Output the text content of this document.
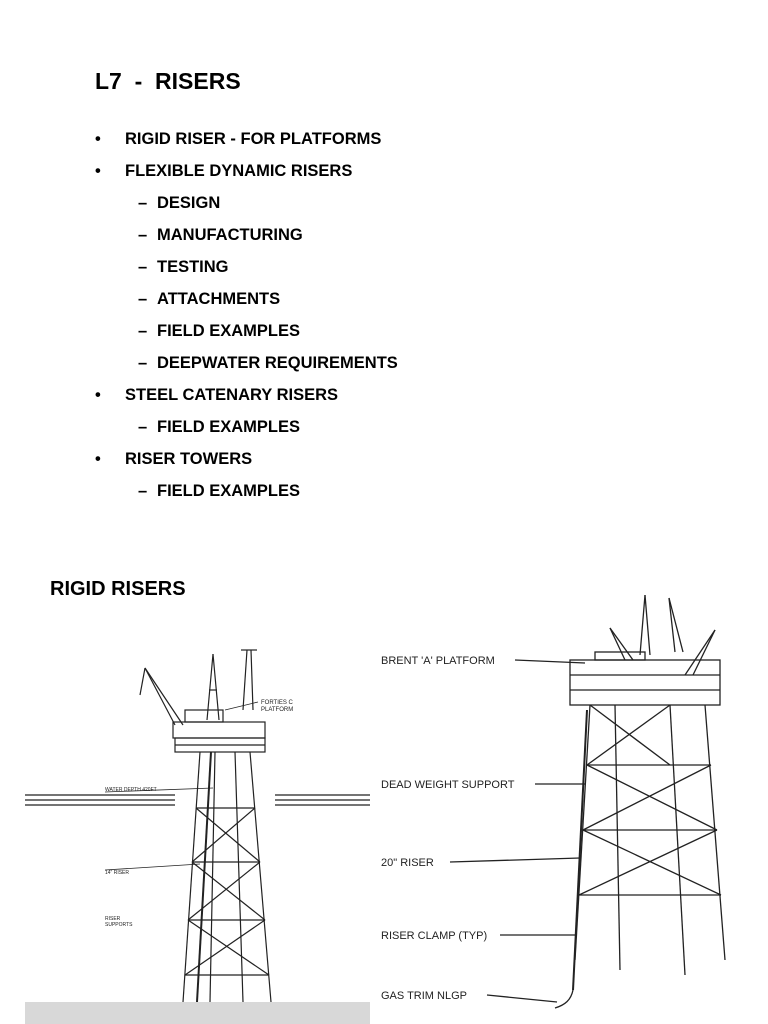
L7  -  RISERS
• RIGID RISER - FOR PLATFORMS
• FLEXIBLE DYNAMIC RISERS
– DESIGN
– MANUFACTURING
– TESTING
– ATTACHMENTS
– FIELD EXAMPLES
– DEEPWATER REQUIREMENTS
• STEEL CATENARY RISERS
– FIELD EXAMPLES
• RISER TOWERS
– FIELD EXAMPLES
RIGID RISERS
FORTIES C
PLATFORM
WATER DEPTH 420FT
14" RISER
RISER
SUPPORTS
BRENT 'A' PLATFORM
DEAD WEIGHT SUPPORT
20" RISER
RISER CLAMP (TYP)
GAS TRIM NLGP
